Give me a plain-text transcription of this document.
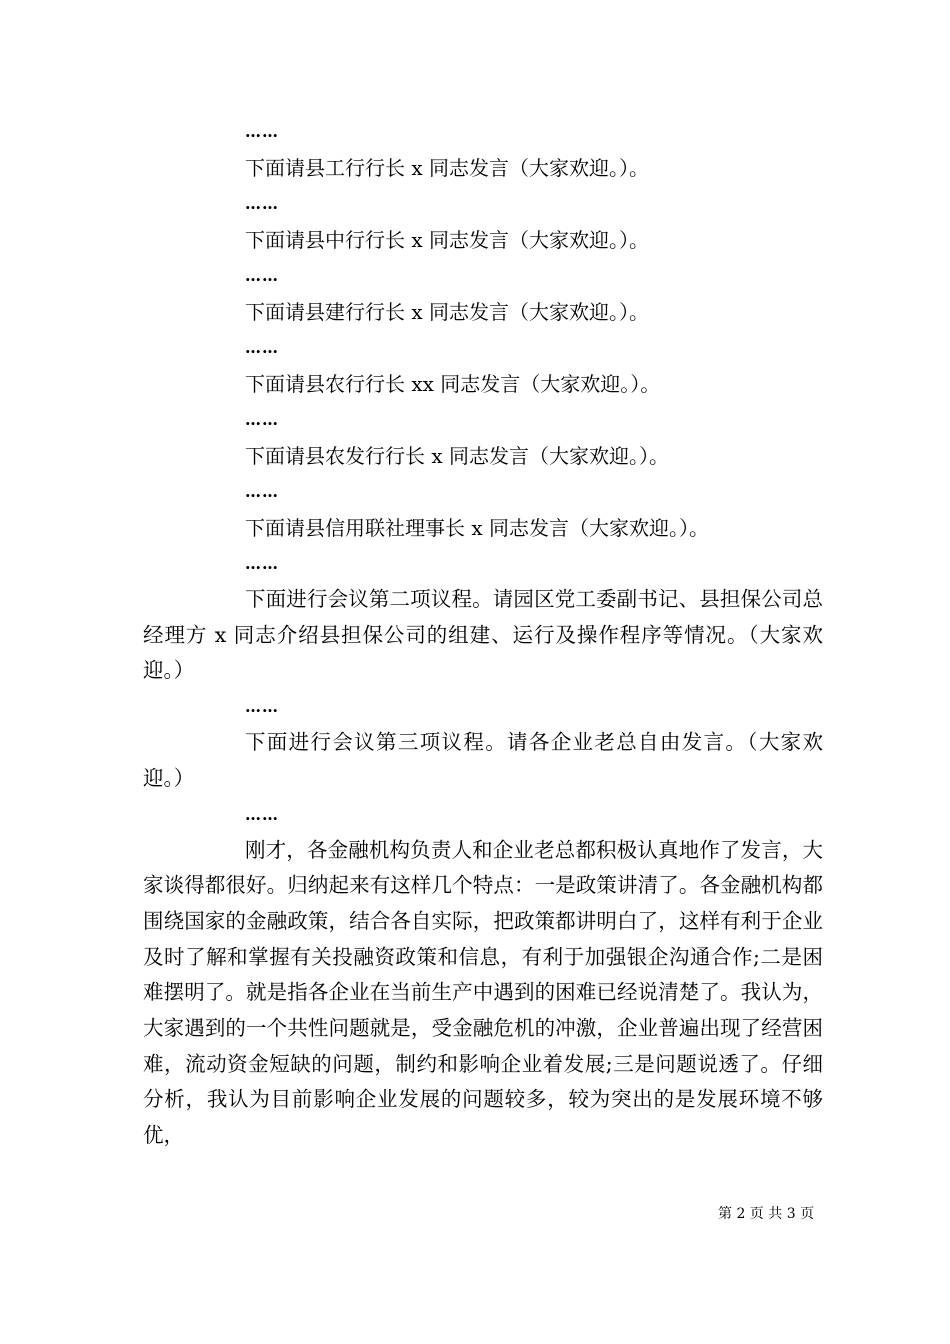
……

下面请县工行行长 x 同志发言（大家欢迎。）。

……

下面请县中行行长 x 同志发言（大家欢迎。）。

……

下面请县建行行长 x 同志发言（大家欢迎。）。

……

下面请县农行行长 xx 同志发言（大家欢迎。）。

……

下面请县农发行行长 x 同志发言（大家欢迎。）。

……

下面请县信用联社理事长 x 同志发言（大家欢迎。）。

……

下面进行会议第二项议程。请园区党工委副书记、县担保公司总经理方 x 同志介绍县担保公司的组建、运行及操作程序等情况。（大家欢迎。）

……

下面进行会议第三项议程。请各企业老总自由发言。（大家欢迎。）

……

刚才，各金融机构负责人和企业老总都积极认真地作了发言，大家谈得都很好。归纳起来有这样几个特点：一是政策讲清了。各金融机构都围绕国家的金融政策，结合各自实际，把政策都讲明白了，这样有利于企业及时了解和掌握有关投融资政策和信息，有利于加强银企沟通合作;二是困难摆明了。就是指各企业在当前生产中遇到的困难已经说清楚了。我认为，大家遇到的一个共性问题就是，受金融危机的冲激，企业普遍出现了经营困难，流动资金短缺的问题，制约和影响企业着发展;三是问题说透了。仔细分析，我认为目前影响企业发展的问题较多，较为突出的是发展环境不够优，

第 2 页 共 3 页
